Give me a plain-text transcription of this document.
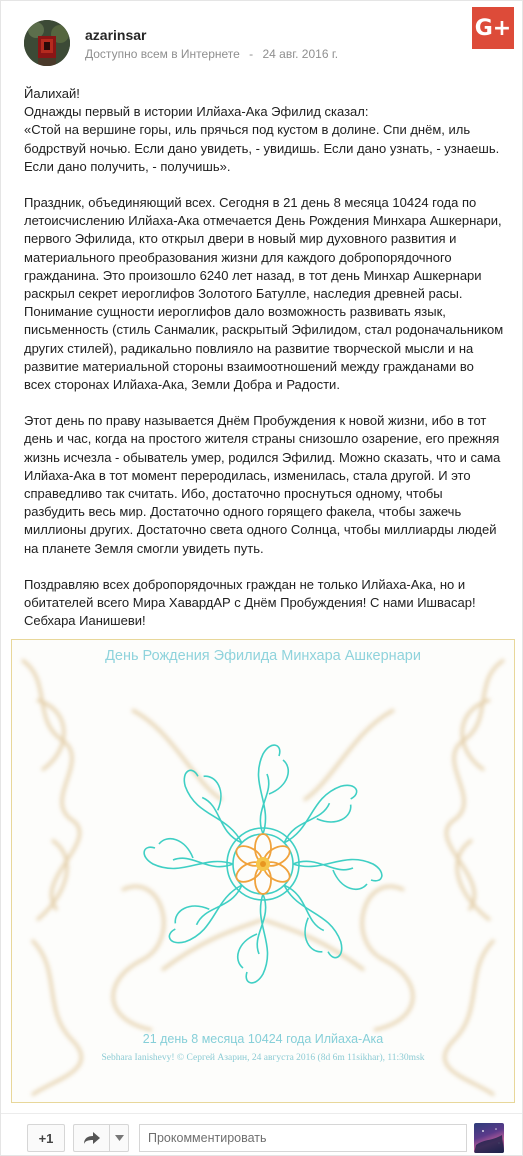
azarinsar
Доступно всем в Интернете - 24 авг. 2016 г.
G+

Йалихай!
Однажды первый в истории Илйаха-Ака Эфилид сказал:
«Стой на вершине горы, иль прячься под кустом в долине. Спи днём, иль бодрствуй ночью. Если дано увидеть, - увидишь. Если дано узнать, - узнаешь. Если дано получить, - получишь».

Праздник, объединяющий всех. Сегодня в 21 день 8 месяца 10424 года по летоисчислению Илйаха-Ака отмечается День Рождения Минхара Ашкернари, первого Эфилида, кто открыл двери в новый мир духовного развития и материального преобразования жизни для каждого добропорядочного гражданина. Это произошло 6240 лет назад, в тот день Минхар Ашкернари раскрыл секрет иероглифов Золотого Батулле, наследия древней расы. Понимание сущности иероглифов дало возможность развивать язык, письменность (стиль Санмалик, раскрытый Эфилидом, стал родоначальником других стилей), радикально повлияло на развитие творческой мысли и на развитие материальной стороны взаимоотношений между гражданами во всех сторонах Илйаха-Ака, Земли Добра и Радости.

Этот день по праву называется Днём Пробуждения к новой жизни, ибо в тот день и час, когда на простого жителя страны снизошло озарение, его прежняя жизнь исчезла - обыватель умер, родился Эфилид. Можно сказать, что и сама Илйаха-Ака в тот момент переродилась, изменилась, стала другой. И это справедливо так считать. Ибо, достаточно проснуться одному, чтобы разбудить весь мир. Достаточно одного горящего факела, чтобы зажечь миллионы других. Достаточно света одного Солнца, чтобы миллиарды людей на планете Земля смогли увидеть путь.

Поздравляю всех добропорядочных граждан не только Илйаха-Ака, но и обитателей всего Мира ХавардАР с Днём Пробуждения! С нами Ишвасар! Себхара Ианишеви!

День Рождения Эфилида Минхара Ашкернари
21 день 8 месяца 10424 года Илйаха-Ака
Sebhara Ianishevy! © Сергей Азарин, 24 августа 2016 (8d 6m 11sikhar), 11:30msk
+1
Прокомментировать
